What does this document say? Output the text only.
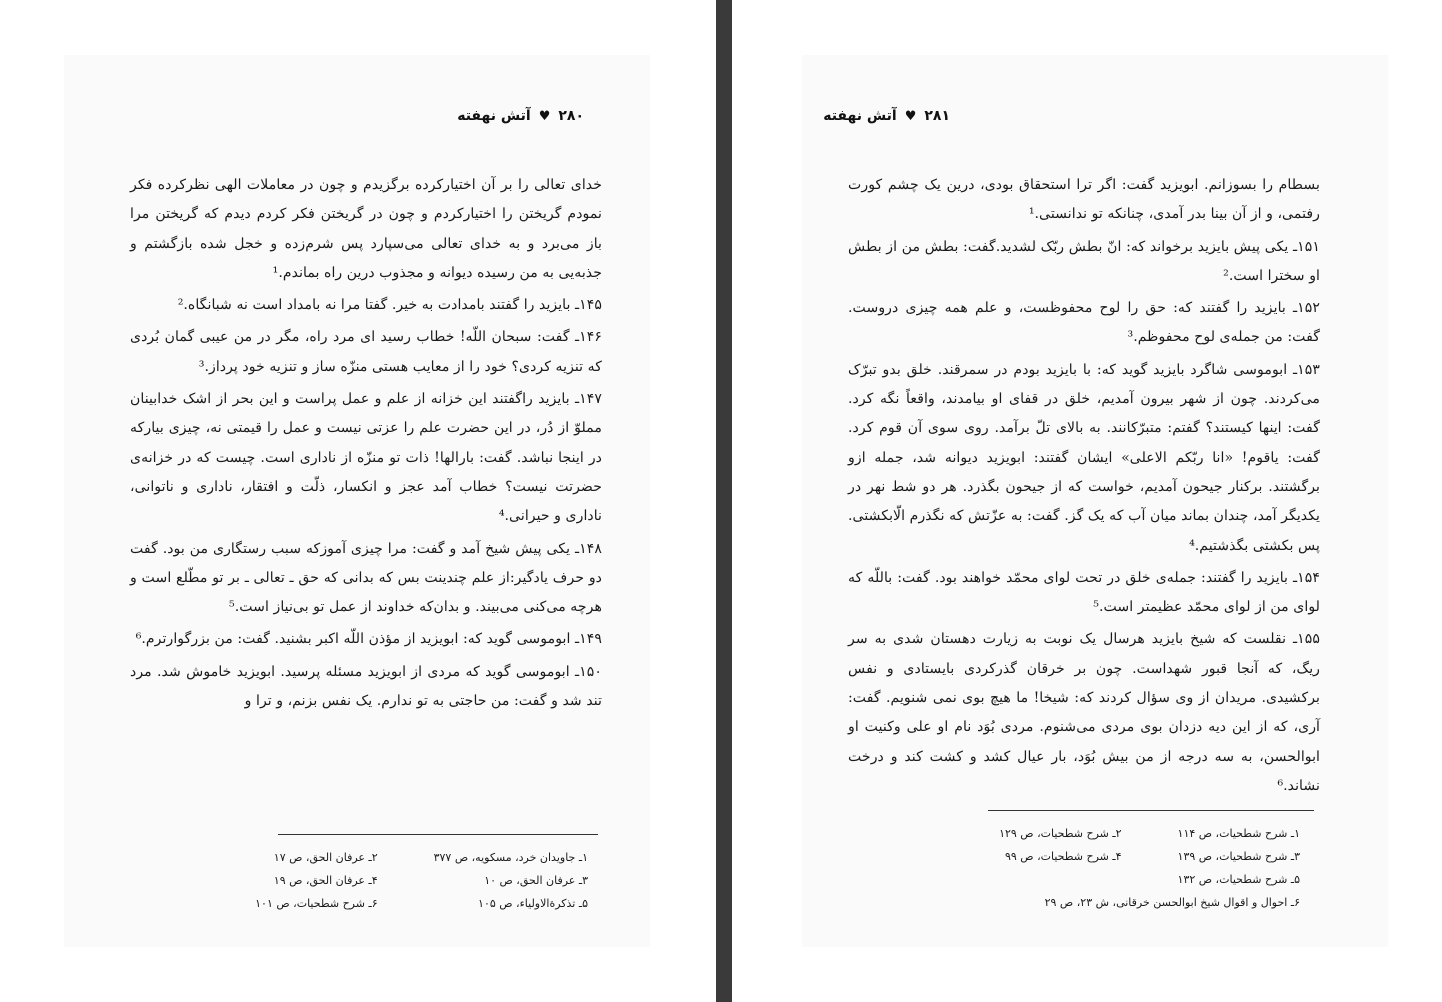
۲۸۰
♥
آتش نهفته

خدای تعالی را بر آن اختیارکرده برگزیدم و چون در معاملات الهی نظرکرده فکر نمودم گریختن را اختیارکردم و چون در گریختن فکر کردم دیدم که گریختن مرا باز می‌برد و به خدای تعالی می‌سپارد پس شرم‌زده و خجل شده بازگشتم و جذبه‌یی به من رسیده دیوانه و مجذوب درین راه بماندم.¹

۱۴۵ـ بایزید را گفتند بامدادت به خیر. گفتا مرا نه بامداد است نه شبانگاه.²

۱۴۶ـ گفت: سبحان اللّه! خطاب رسید ای مرد راه، مگر در من عیبی گمان بُردی که تنزیه کردی؟ خود را از معایب هستی منزّه ساز و تنزیه خود پرداز.³

۱۴۷ـ بایزید راگفتند این خزانه از علم و عمل پراست و این بحر از اشک خدابینان مملوّ از دُر، در این حضرت علم را عزتی نیست و عمل را قیمتی نه، چیزی بیارکه در اینجا نباشد. گفت: بارالها! ذات تو منزّه از ناداری است. چیست که در خزانه‌ی حضرتت نیست؟ خطاب آمد عجز و انکسار، ذلّت و افتقار، ناداری و ناتوانی، ناداری و حیرانی.⁴

۱۴۸ـ یکی پیش شیخ آمد و گفت: مرا چیزی آموزکه سبب رستگاری من بود. گفت دو حرف یادگیر:از علم چندینت بس که بدانی که حق ـ تعالی ـ بر تو مطّلع است و هرچه می‌کنی می‌بیند. و بدان‌که خداوند از عمل تو بی‌نیاز است.⁵

۱۴۹ـ ابوموسی گوید که: ابویزید از مؤذن اللّه اکبر بشنید. گفت: من بزرگوارترم.⁶

۱۵۰ـ ابوموسی گوید که مردی از ابویزید مسئله پرسید. ابویزید خاموش شد. مرد تند شد و گفت: من حاجتی به تو ندارم. یک نفس بزنم، و ترا و

۱ـ جاویدان خرد، مسکویه، ص ۳۷۷
۲ـ عرفان الحق، ص ۱۷
۳ـ عرفان الحق، ص ۱۰
۴ـ عرفان الحق، ص ۱۹
۵ـ تذکرةالاولیاء، ص ۱۰۵
۶ـ شرح شطحیات، ص ۱۰۱
۲۸۱
♥
آتش نهفته

بسطام را بسوزانم. ابویزید گفت: اگر ترا استحقاق بودی، درین یک چشم کورت رفتمی، و از آن بینا بدر آمدی، چنانکه تو ندانستی.¹

۱۵۱ـ یکی پیش بایزید برخواند که: انّ بطش ربّک لشدید.گفت: بطش من از بطش او سخترا است.²

۱۵۲ـ بایزید را گفتند که: حق را لوح محفوظست، و علم همه چیزی دروست. گفت: من جمله‌ی لوح محفوظم.³

۱۵۳ـ ابوموسی شاگرد بایزید گوید که: با بایزید بودم در سمرقند. خلق بدو تبرّک می‌کردند. چون از شهر بیرون آمدیم، خلق در قفای او بیامدند، واقعاً نگه کرد. گفت: اینها کیستند؟ گفتم: متبرّکانند. به بالای تلّ برآمد. روی سوی آن قوم کرد. گفت: یاقوم! «انا ربّکم الاعلی» ایشان گفتند: ابویزید دیوانه شد، جمله ازو برگشتند. برکنار جیحون آمدیم، خواست که از جیحون بگذرد. هر دو شط نهر در یکدیگر آمد، چندان بماند میان آب که یک گز. گفت: به عزّتش که نگذرم الّابکشتی. پس بکشتی بگذشتیم.⁴

۱۵۴ـ بایزید را گفتند: جمله‌ی خلق در تحت لوای محمّد خواهند بود. گفت: باللّه که لوای من از لوای محمّد عظیمتر است.⁵

۱۵۵ـ نقلست که شیخ بایزید هرسال یک نوبت به زیارت دهستان شدی به سر ریگ، که آنجا قبور شهداست. چون بر خرقان گذرکردی بایستادی و نفس برکشیدی. مریدان از وی سؤال کردند که: شیخا! ما هیچ بوی نمی شنویم. گفت: آری، که از این دیه دزدان بوی مردی می‌شنوم. مردی بُوَد نام او علی وکنیت او ابوالحسن، به سه درجه از من بیش بُوَد، بار عیال کشد و کشت کند و درخت نشاند.⁶

۱ـ شرح شطحیات، ص ۱۱۴
۲ـ شرح شطحیات، ص ۱۲۹
۳ـ شرح شطحیات، ص ۱۳۹
۴ـ شرح شطحیات، ص ۹۹
۵ـ شرح شطحیات، ص ۱۳۲
۶ـ احوال و اقوال شیخ ابوالحسن خرقانی، ش ۲۳، ص ۲۹
